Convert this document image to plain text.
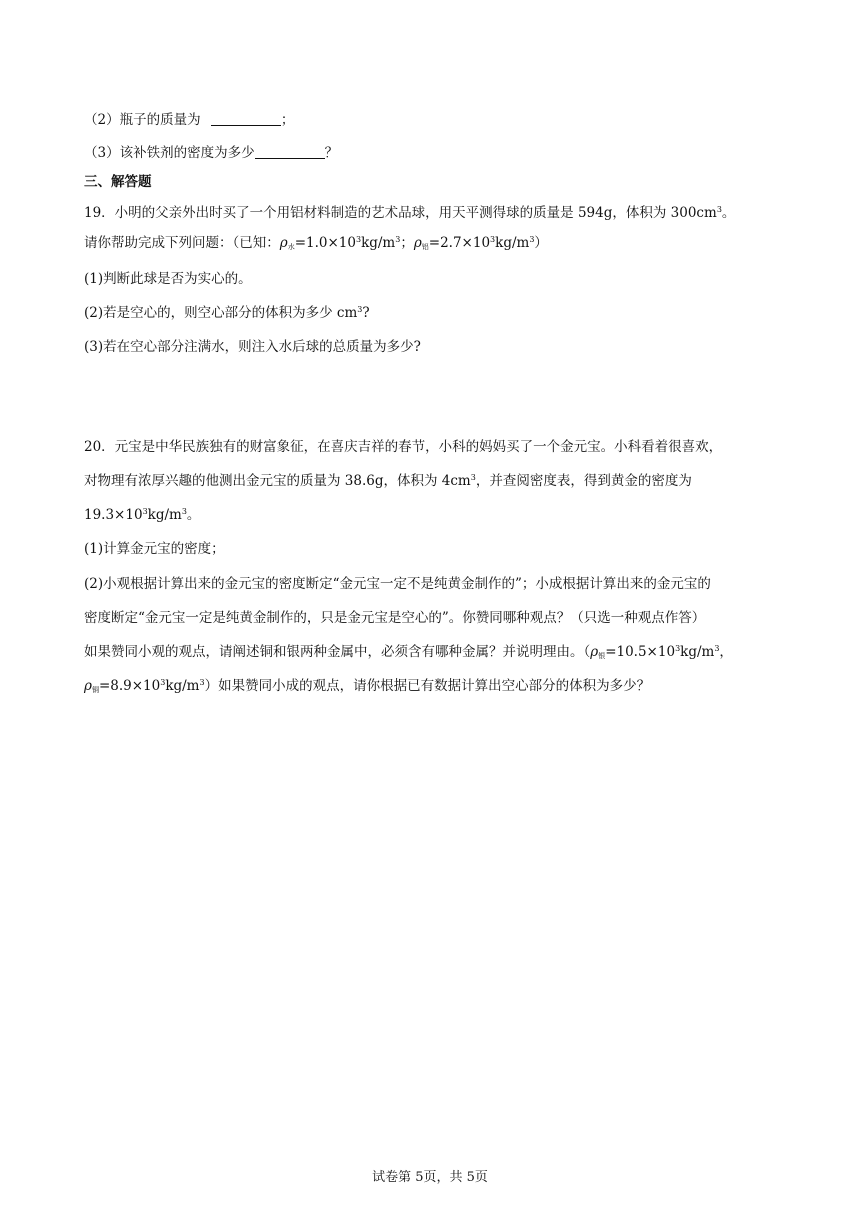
（2）瓶子的质量为	；
（3）该补铁剂的密度为多少	？
三、解答题
19．小明的父亲外出时买了一个用铝材料制造的艺术品球，用天平测得球的质量是 594g，体积为 $300cm^3$。
请你帮助完成下列问题：（已知：$\rho_水=1.0\times 10^3kg/m^3$；$\rho_铝=2.7\times 10^3kg/m^3$）
(1)判断此球是否为实心的。
(2)若是空心的，则空心部分的体积为多少 $cm^3$?
(3)若在空心部分注满水，则注入水后球的总质量为多少?
20．元宝是中华民族独有的财富象征，在喜庆吉祥的春节，小科的妈妈买了一个金元宝。小科看着很喜欢，
对物理有浓厚兴趣的他测出金元宝的质量为 38.6g，体积为 $4cm^3$，并查阅密度表，得到黄金的密度为
$19.3\times 10^3kg/m^3$。
(1)计算金元宝的密度；
(2)小观根据计算出来的金元宝的密度断定“金元宝一定不是纯黄金制作的”；小成根据计算出来的金元宝的
密度断定“金元宝一定是纯黄金制作的，只是金元宝是空心的”。你赞同哪种观点？（只选一种观点作答）
如果赞同小观的观点，请阐述铜和银两种金属中，必须含有哪种金属？并说明理由。（$\rho_银=10.5\times 10^3kg/m^3$，
$\rho_铜=8.9\times 10^3kg/m^3$）如果赞同小成的观点，请你根据已有数据计算出空心部分的体积为多少？
试卷第 5页，共 5页
